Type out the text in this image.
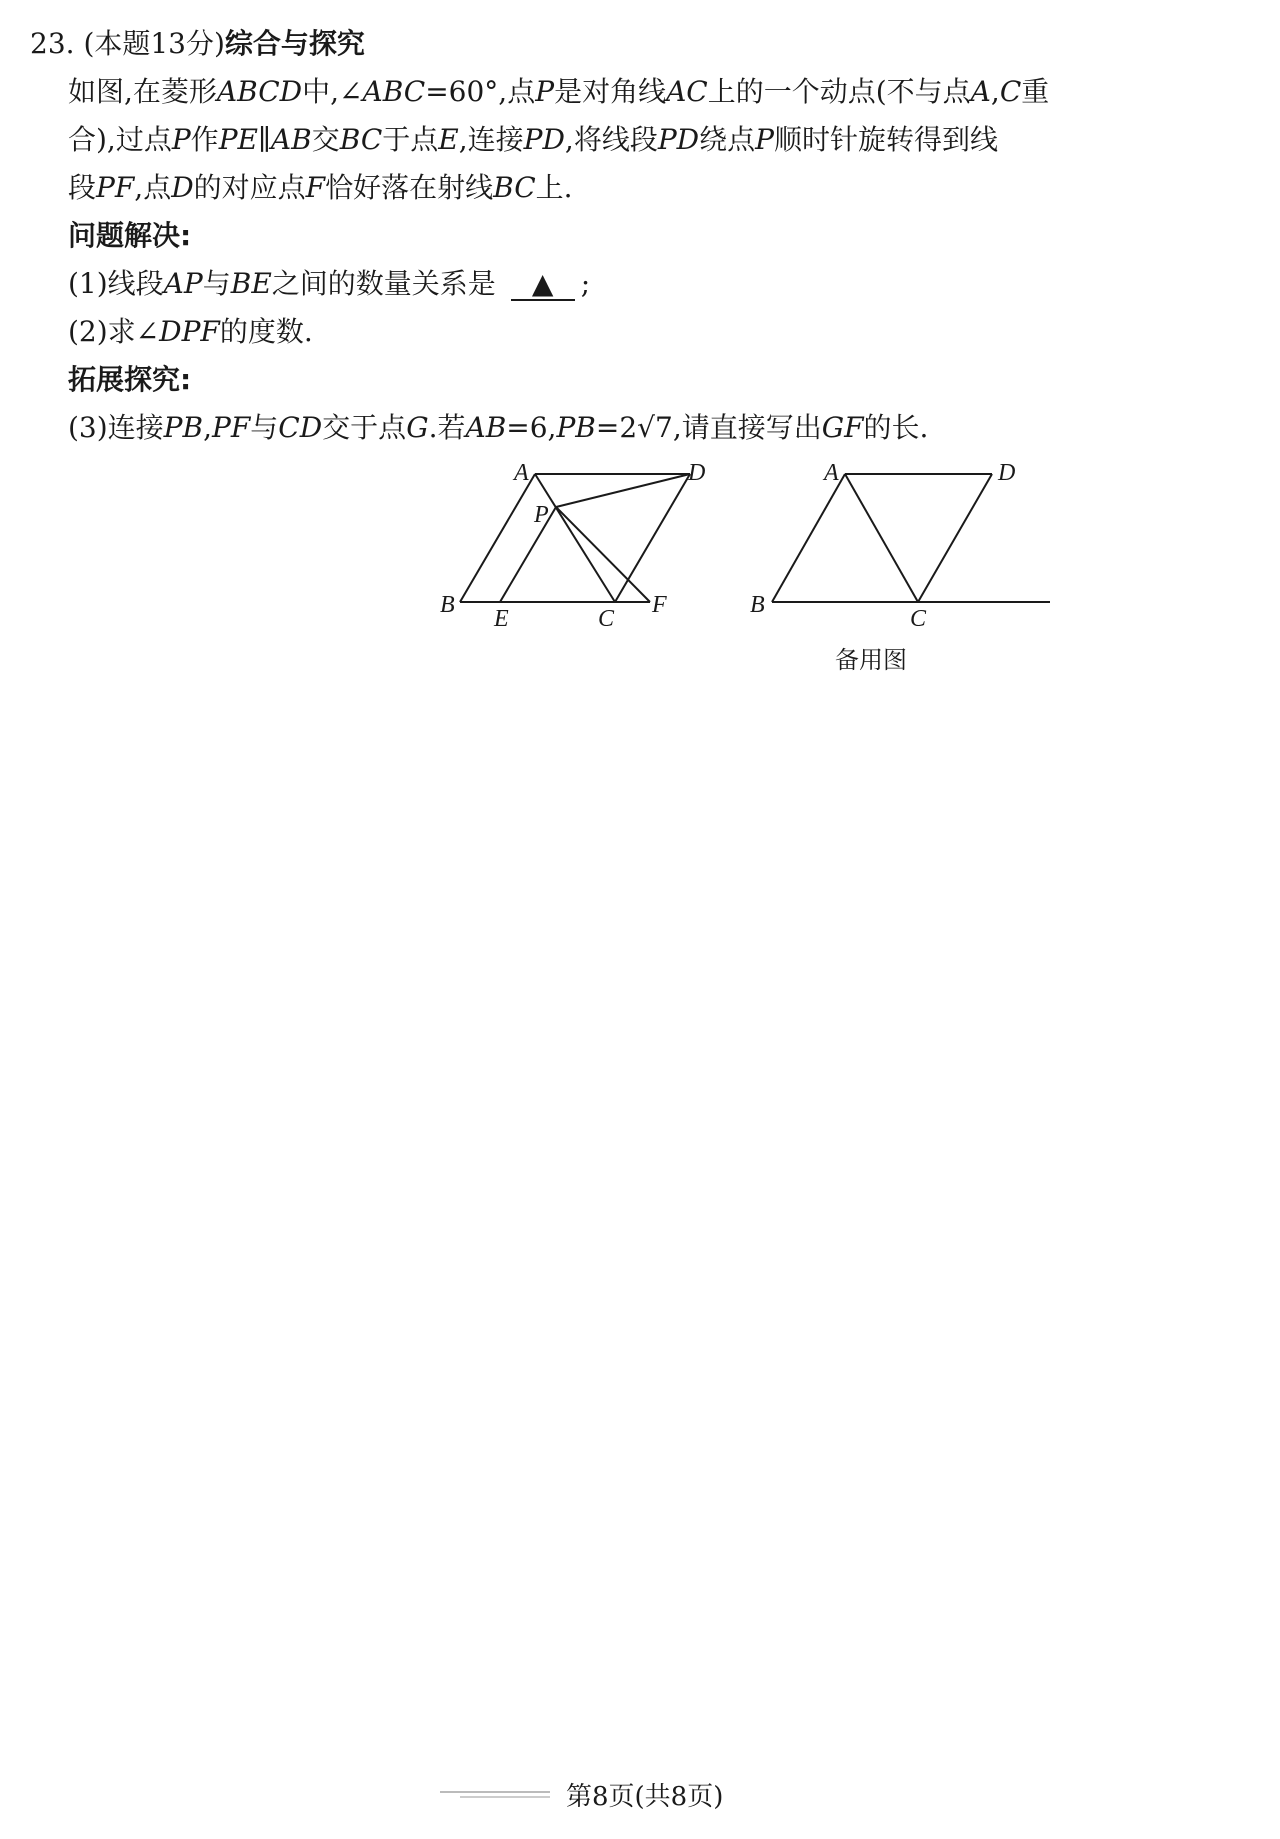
23. (本题13分)综合与探究
如图,在菱形ABCD中,∠ABC=60°,点P是对角线AC上的一个动点(不与点A,C重
合),过点P作PE∥AB交BC于点E,连接PD,将线段PD绕点P顺时针旋转得到线
段PF,点D的对应点F恰好落在射线BC上.
问题解决:
(1)线段AP与BE之间的数量关系是 ▲ ;
(2)求∠DPF的度数.
拓展探究:
(3)连接PB,PF与CD交于点G.若AB=6,PB=2√7,请直接写出GF的长.
A	D
P
B
E	C
F
A	D
B
C
备用图
第8页(共8页)
